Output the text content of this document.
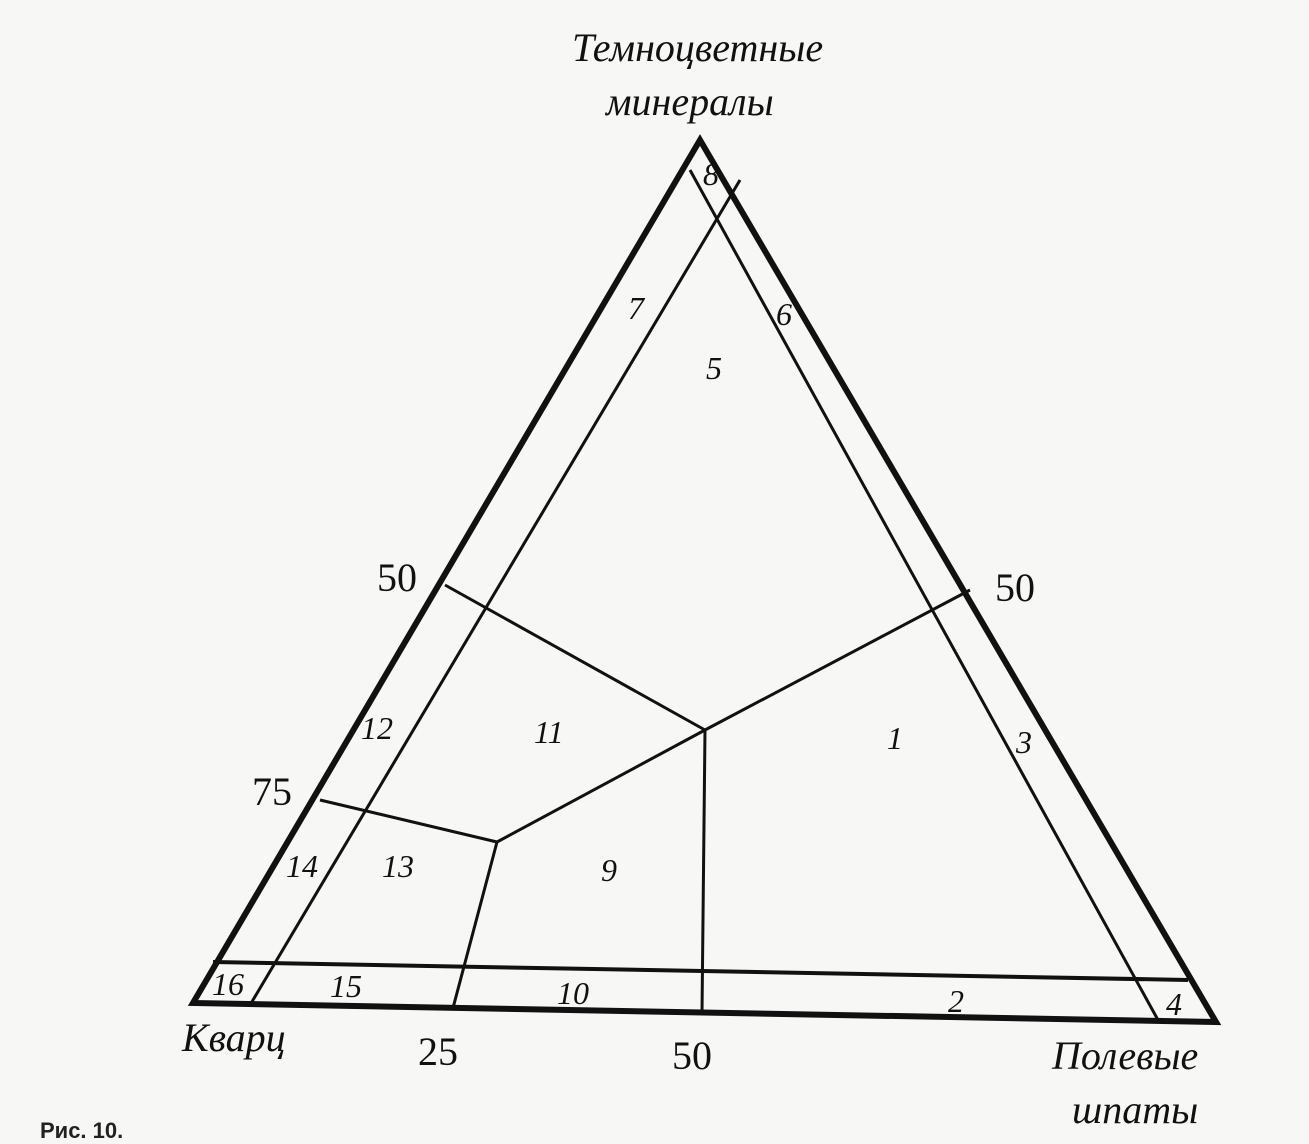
Темноцветные
минералы
Кварц	Полевые
шпаты
50
75
50
25	50
1
2
3
4
5
6
7
8
9
10
11
12
13
14
15
16
Рис. 10.
